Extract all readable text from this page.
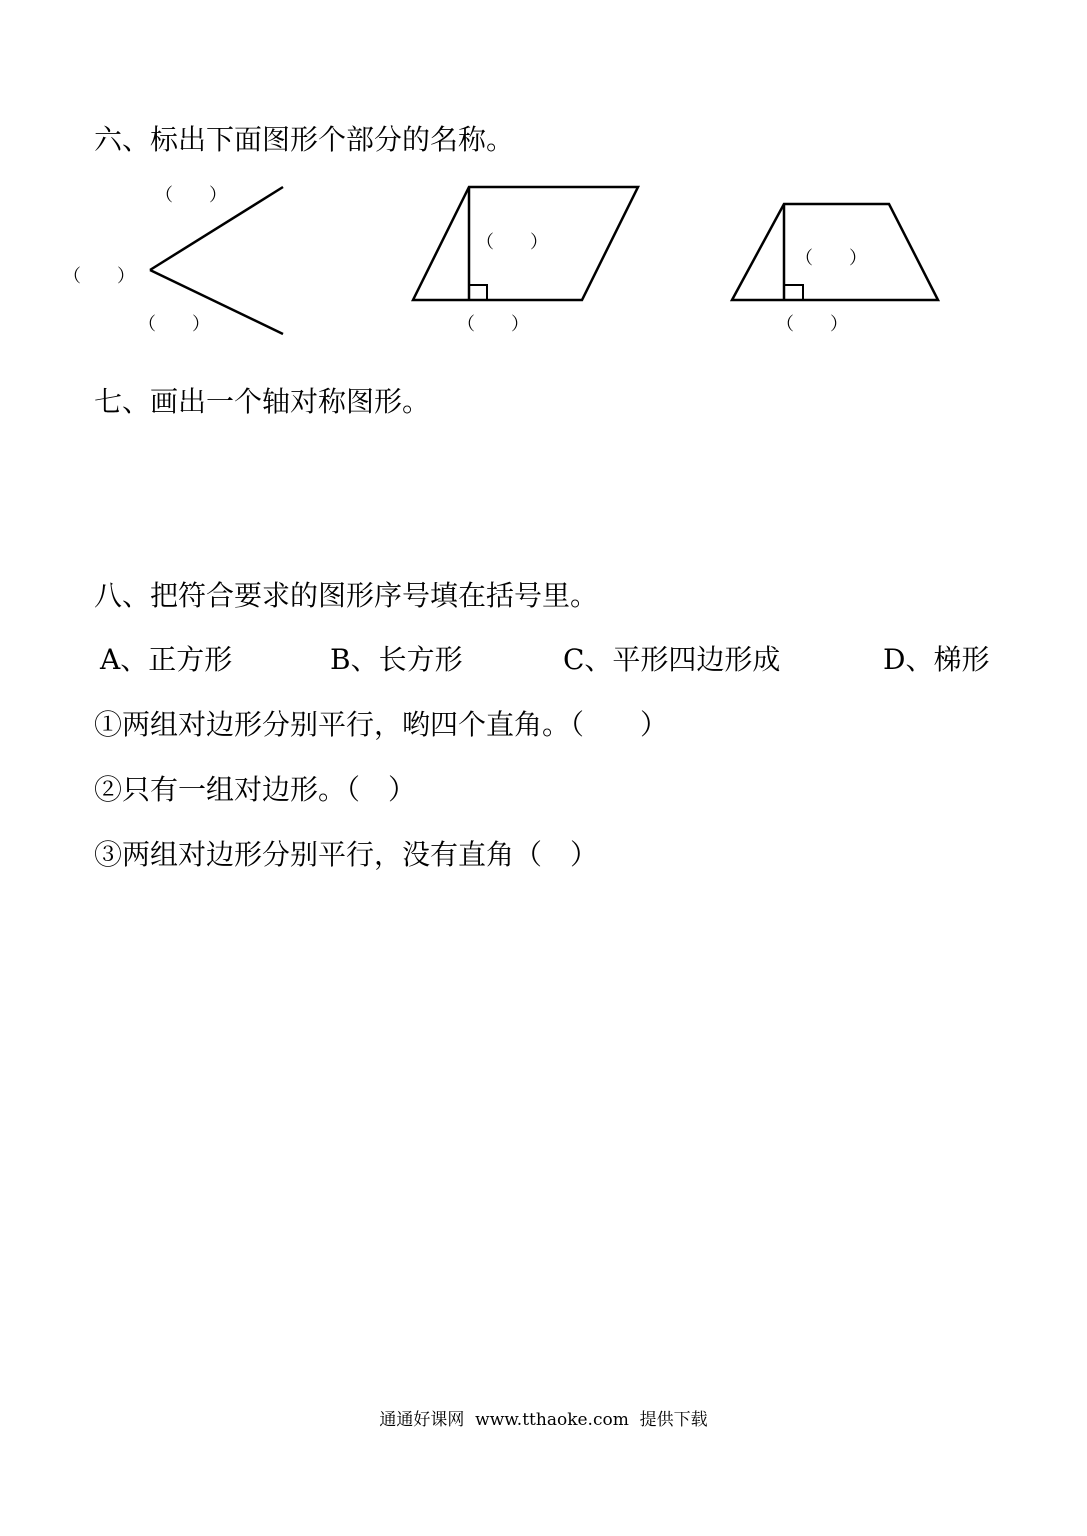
六、标出下面图形个部分的名称。
（　　）
（　　）
（　　）
（　　）
（　　）
（　　）
（　　）
七、画出一个轴对称图形。
八、把符合要求的图形序号填在括号里。
A、正方形	B、长方形	C、平形四边形成	D、梯形
①两组对边形分别平行，哟四个直角。（　　）
②只有一组对边形。（　）
③两组对边形分别平行，没有直角（　）
通通好课网  www.tthaoke.com  提供下载
